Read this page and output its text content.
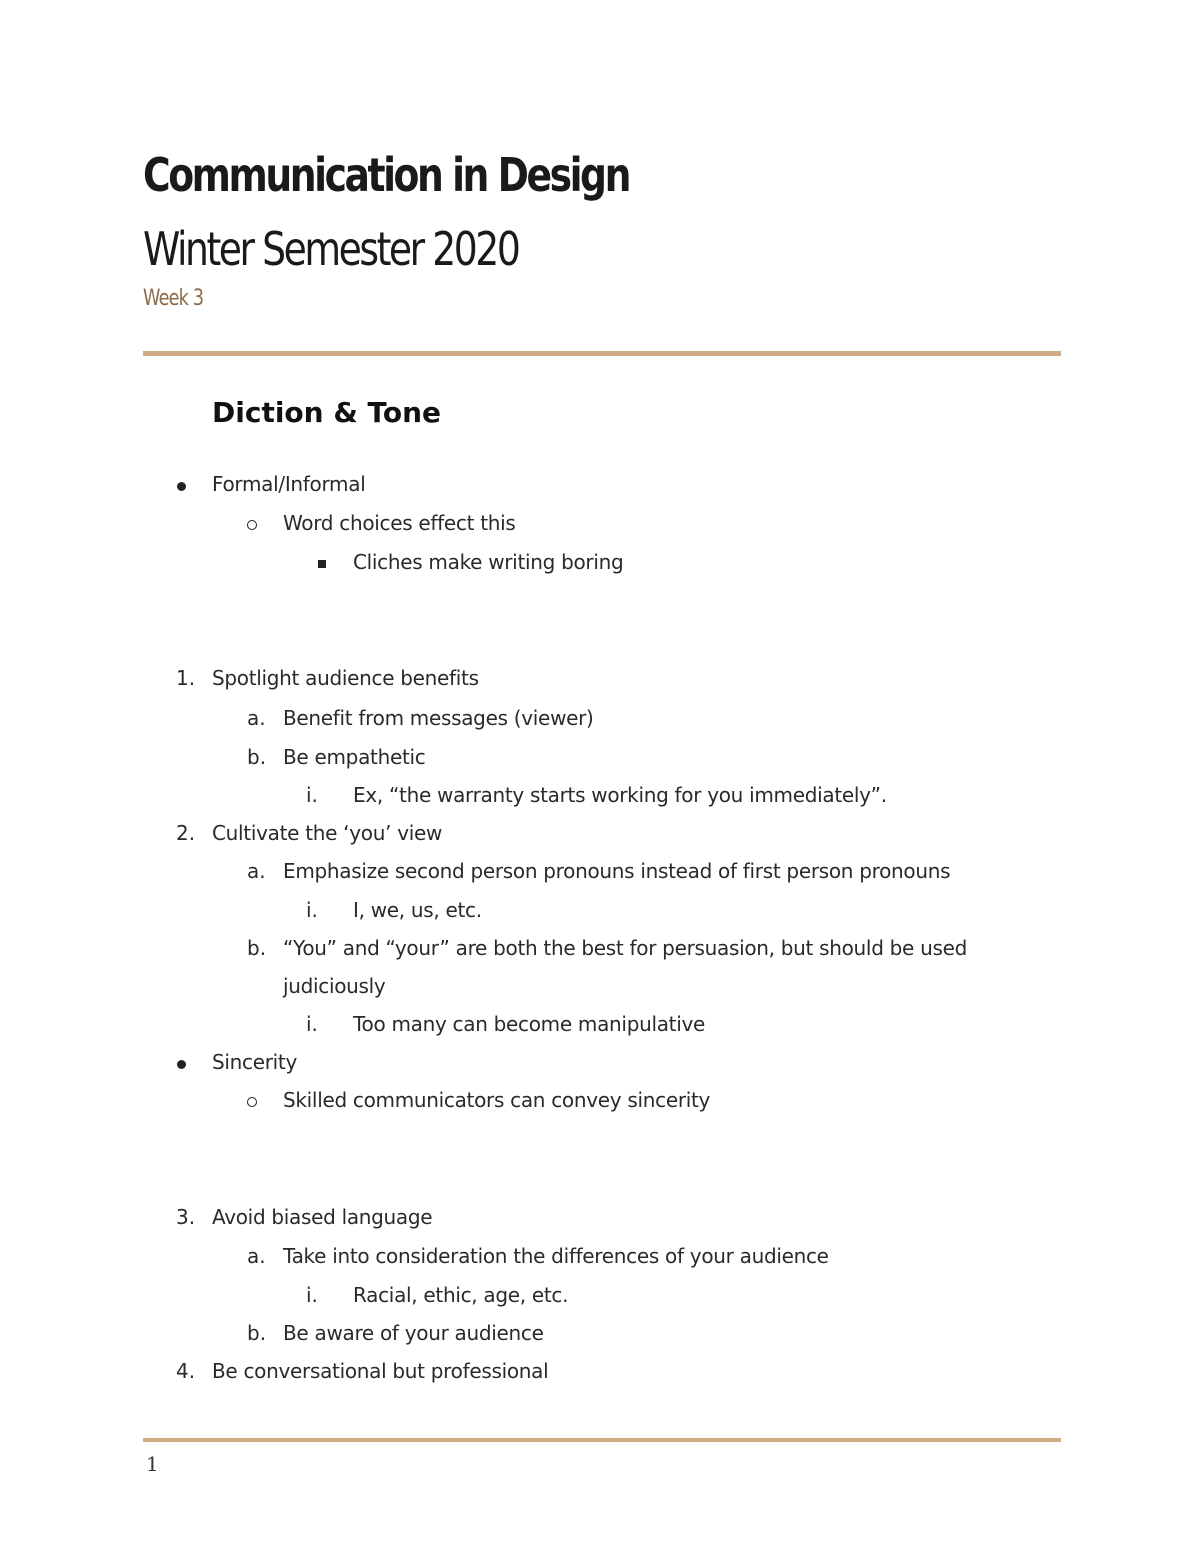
Communication in Design
Winter Semester 2020
Week 3
Diction & Tone
Formal/Informal
Word choices effect this
Cliches make writing boring
1. Spotlight audience benefits
a. Benefit from messages (viewer)
b. Be empathetic
i. Ex, “the warranty starts working for you immediately”.
2. Cultivate the ‘you’ view
a. Emphasize second person pronouns instead of first person pronouns
i. I, we, us, etc.
b. “You” and “your” are both the best for persuasion, but should be used
judiciously
i. Too many can become manipulative
Sincerity
Skilled communicators can convey sincerity
3. Avoid biased language
a. Take into consideration the differences of your audience
i. Racial, ethic, age, etc.
b. Be aware of your audience
4. Be conversational but professional
1
